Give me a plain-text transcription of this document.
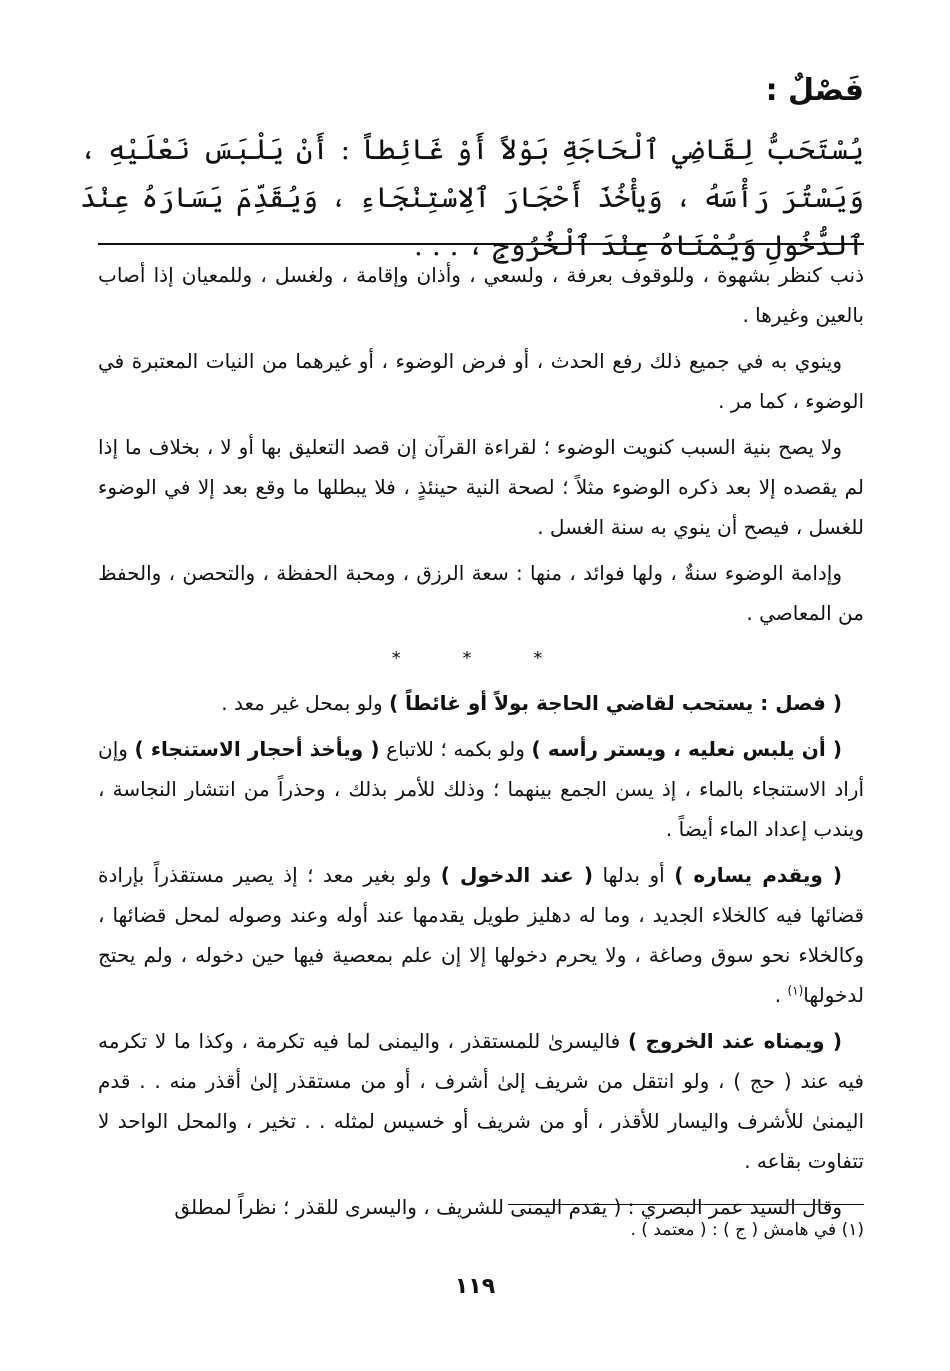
فَصْلٌ :
يُسْتَحَبُّ لِقَاضِي ٱلْحَاجَةِ بَوْلاً أَوْ غَائِطاً : أَنْ يَلْبَسَ نَعْلَيْهِ ، وَيَسْتُرَ رَأْسَهُ ، وَيأْخُذَ أَحْجَارَ ٱلِاسْتِنْجَاءِ ، وَيُقَدِّمَ يَسَارَهُ عِنْدَ ٱلدُّخُولِ وَيُمْنَاهُ عِنْدَ ٱلْخُرُوجِ ، . . .

ذنب كنظر بشهوة ، وللوقوف بعرفة ، ولسعي ، وأذان وإقامة ، ولغسل ، وللمعيان إذا أصاب بالعين وغيرها .

وينوي به في جميع ذلك رفع الحدث ، أو فرض الوضوء ، أو غيرهما من النيات المعتبرة في الوضوء ، كما مر .

ولا يصح بنية السبب كنويت الوضوء ؛ لقراءة القرآن إن قصد التعليق بها أو لا ، بخلاف ما إذا لم يقصده إلا بعد ذكره الوضوء مثلاً ؛ لصحة النية حينئذٍ ، فلا يبطلها ما وقع بعد إلا في الوضوء للغسل ، فيصح أن ينوي به سنة الغسل .

وإدامة الوضوء سنةٌ ، ولها فوائد ، منها : سعة الرزق ، ومحبة الحفظة ، والتحصن ، والحفظ من المعاصي .

* * *

( فصل : يستحب لقاضي الحاجة بولاً أو غائطاً ) ولو بمحل غير معد .

( أن يلبس نعليه ، ويستر رأسه ) ولو بكمه ؛ للاتباع ( ويأخذ أحجار الاستنجاء ) وإن أراد الاستنجاء بالماء ، إذ يسن الجمع بينهما ؛ وذلك للأمر بذلك ، وحذراً من انتشار النجاسة ، ويندب إعداد الماء أيضاً .

( ويقدم يساره ) أو بدلها ( عند الدخول ) ولو بغير معد ؛ إذ يصير مستقذراً بإرادة قضائها فيه كالخلاء الجديد ، وما له دهليز طويل يقدمها عند أوله وعند وصوله لمحل قضائها ، وكالخلاء نحو سوق وصاغة ، ولا يحرم دخولها إلا إن علم بمعصية فيها حين دخوله ، ولم يحتج لدخولها$^{(١)}$ .

( ويمناه عند الخروج ) فاليسرىٰ للمستقذر ، واليمنى لما فيه تكرمة ، وكذا ما لا تكرمه فيه عند ( حج ) ، ولو انتقل من شريف إلىٰ أشرف ، أو من مستقذر إلىٰ أقذر منه . . قدم اليمنىٰ للأشرف واليسار للأقذر ، أو من شريف أو خسيس لمثله . . تخير ، والمحل الواحد لا تتفاوت بقاعه .

وقال السيد عمر البصري : ( يقدم اليمنى للشريف ، واليسرى للقذر ؛ نظراً لمطلق

(١) في هامش ( ج ) : ( معتمد ) .
١١٩
